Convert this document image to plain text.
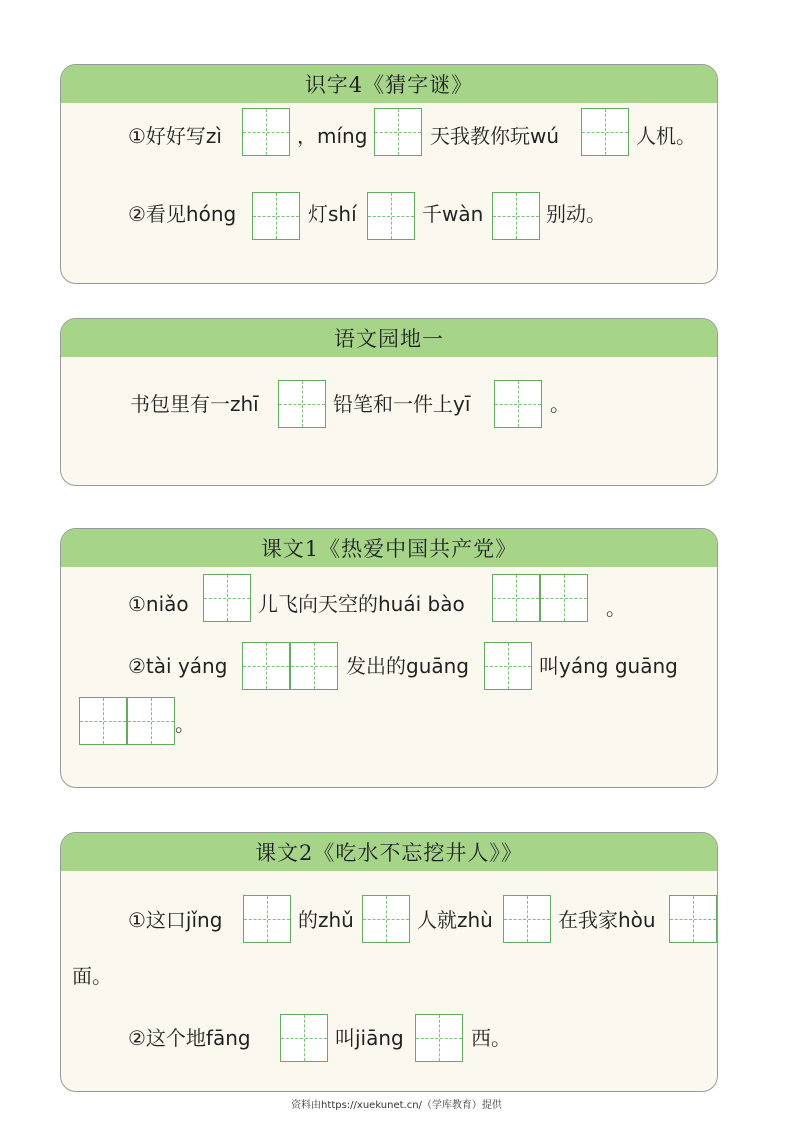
识字4《猜字谜》
①好好写zì	，míng	天我教你玩wú	人机。
②看见hóng	灯shí	千wàn	别动。
语文园地一
书包里有一zhī	铅笔和一件上yī	。
课文1《热爱中国共产党》
①niǎo	儿飞向天空的huái bào	。
②tài yáng	发出的guāng	叫yáng guāng
。
课文2《吃水不忘挖井人》》
①这口jǐng	的zhǔ	人就zhù	在我家hòu
面。
②这个地fāng	叫jiāng	西。
资料由https://xuekunet.cn/（学库教育）提供
